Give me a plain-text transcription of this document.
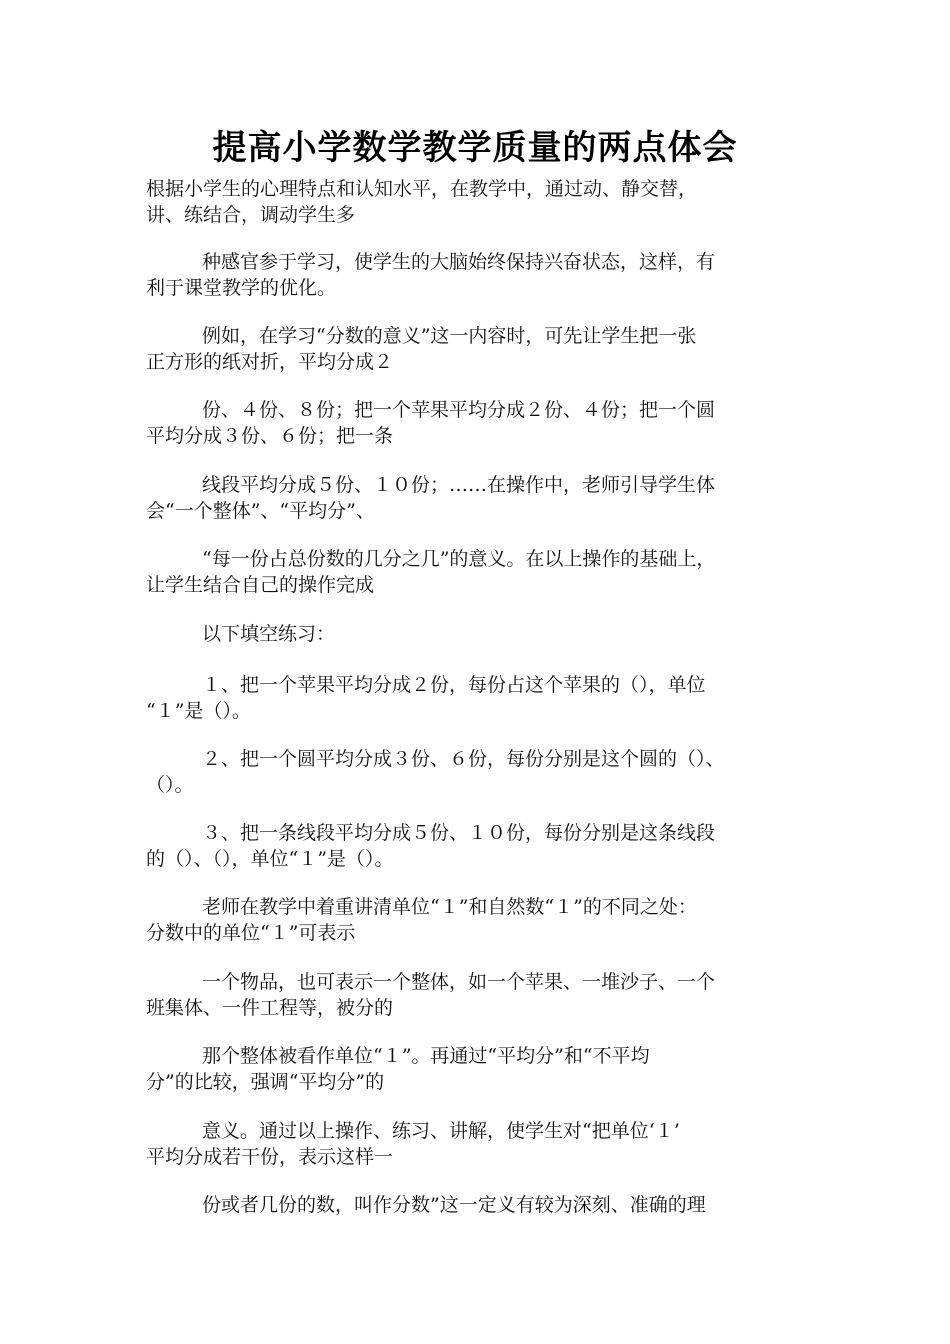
提高小学数学教学质量的两点体会
根据小学生的心理特点和认知水平，在教学中，通过动、静交替，
讲、练结合，调动学生多
种感官参于学习，使学生的大脑始终保持兴奋状态，这样，有
利于课堂教学的优化。
例如，在学习“分数的意义”这一内容时，可先让学生把一张
正方形的纸对折，平均分成２
份、４份、８份；把一个苹果平均分成２份、４份；把一个圆
平均分成３份、６份；把一条
线段平均分成５份、１０份；……在操作中，老师引导学生体
会“一个整体”、“平均分”、
“每一份占总份数的几分之几”的意义。在以上操作的基础上，
让学生结合自己的操作完成
以下填空练习：
１、把一个苹果平均分成２份，每份占这个苹果的（），单位
“１”是（）。
２、把一个圆平均分成３份、６份，每份分别是这个圆的（）、
（）。
３、把一条线段平均分成５份、１０份，每份分别是这条线段
的（）、（），单位“１”是（）。
老师在教学中着重讲清单位“１”和自然数“１”的不同之处：
分数中的单位“１”可表示
一个物品，也可表示一个整体，如一个苹果、一堆沙子、一个
班集体、一件工程等，被分的
那个整体被看作单位“１”。再通过“平均分”和“不平均
分”的比较，强调“平均分”的
意义。通过以上操作、练习、讲解，使学生对“把单位‘１’
平均分成若干份，表示这样一
份或者几份的数，叫作分数”这一定义有较为深刻、准确的理
